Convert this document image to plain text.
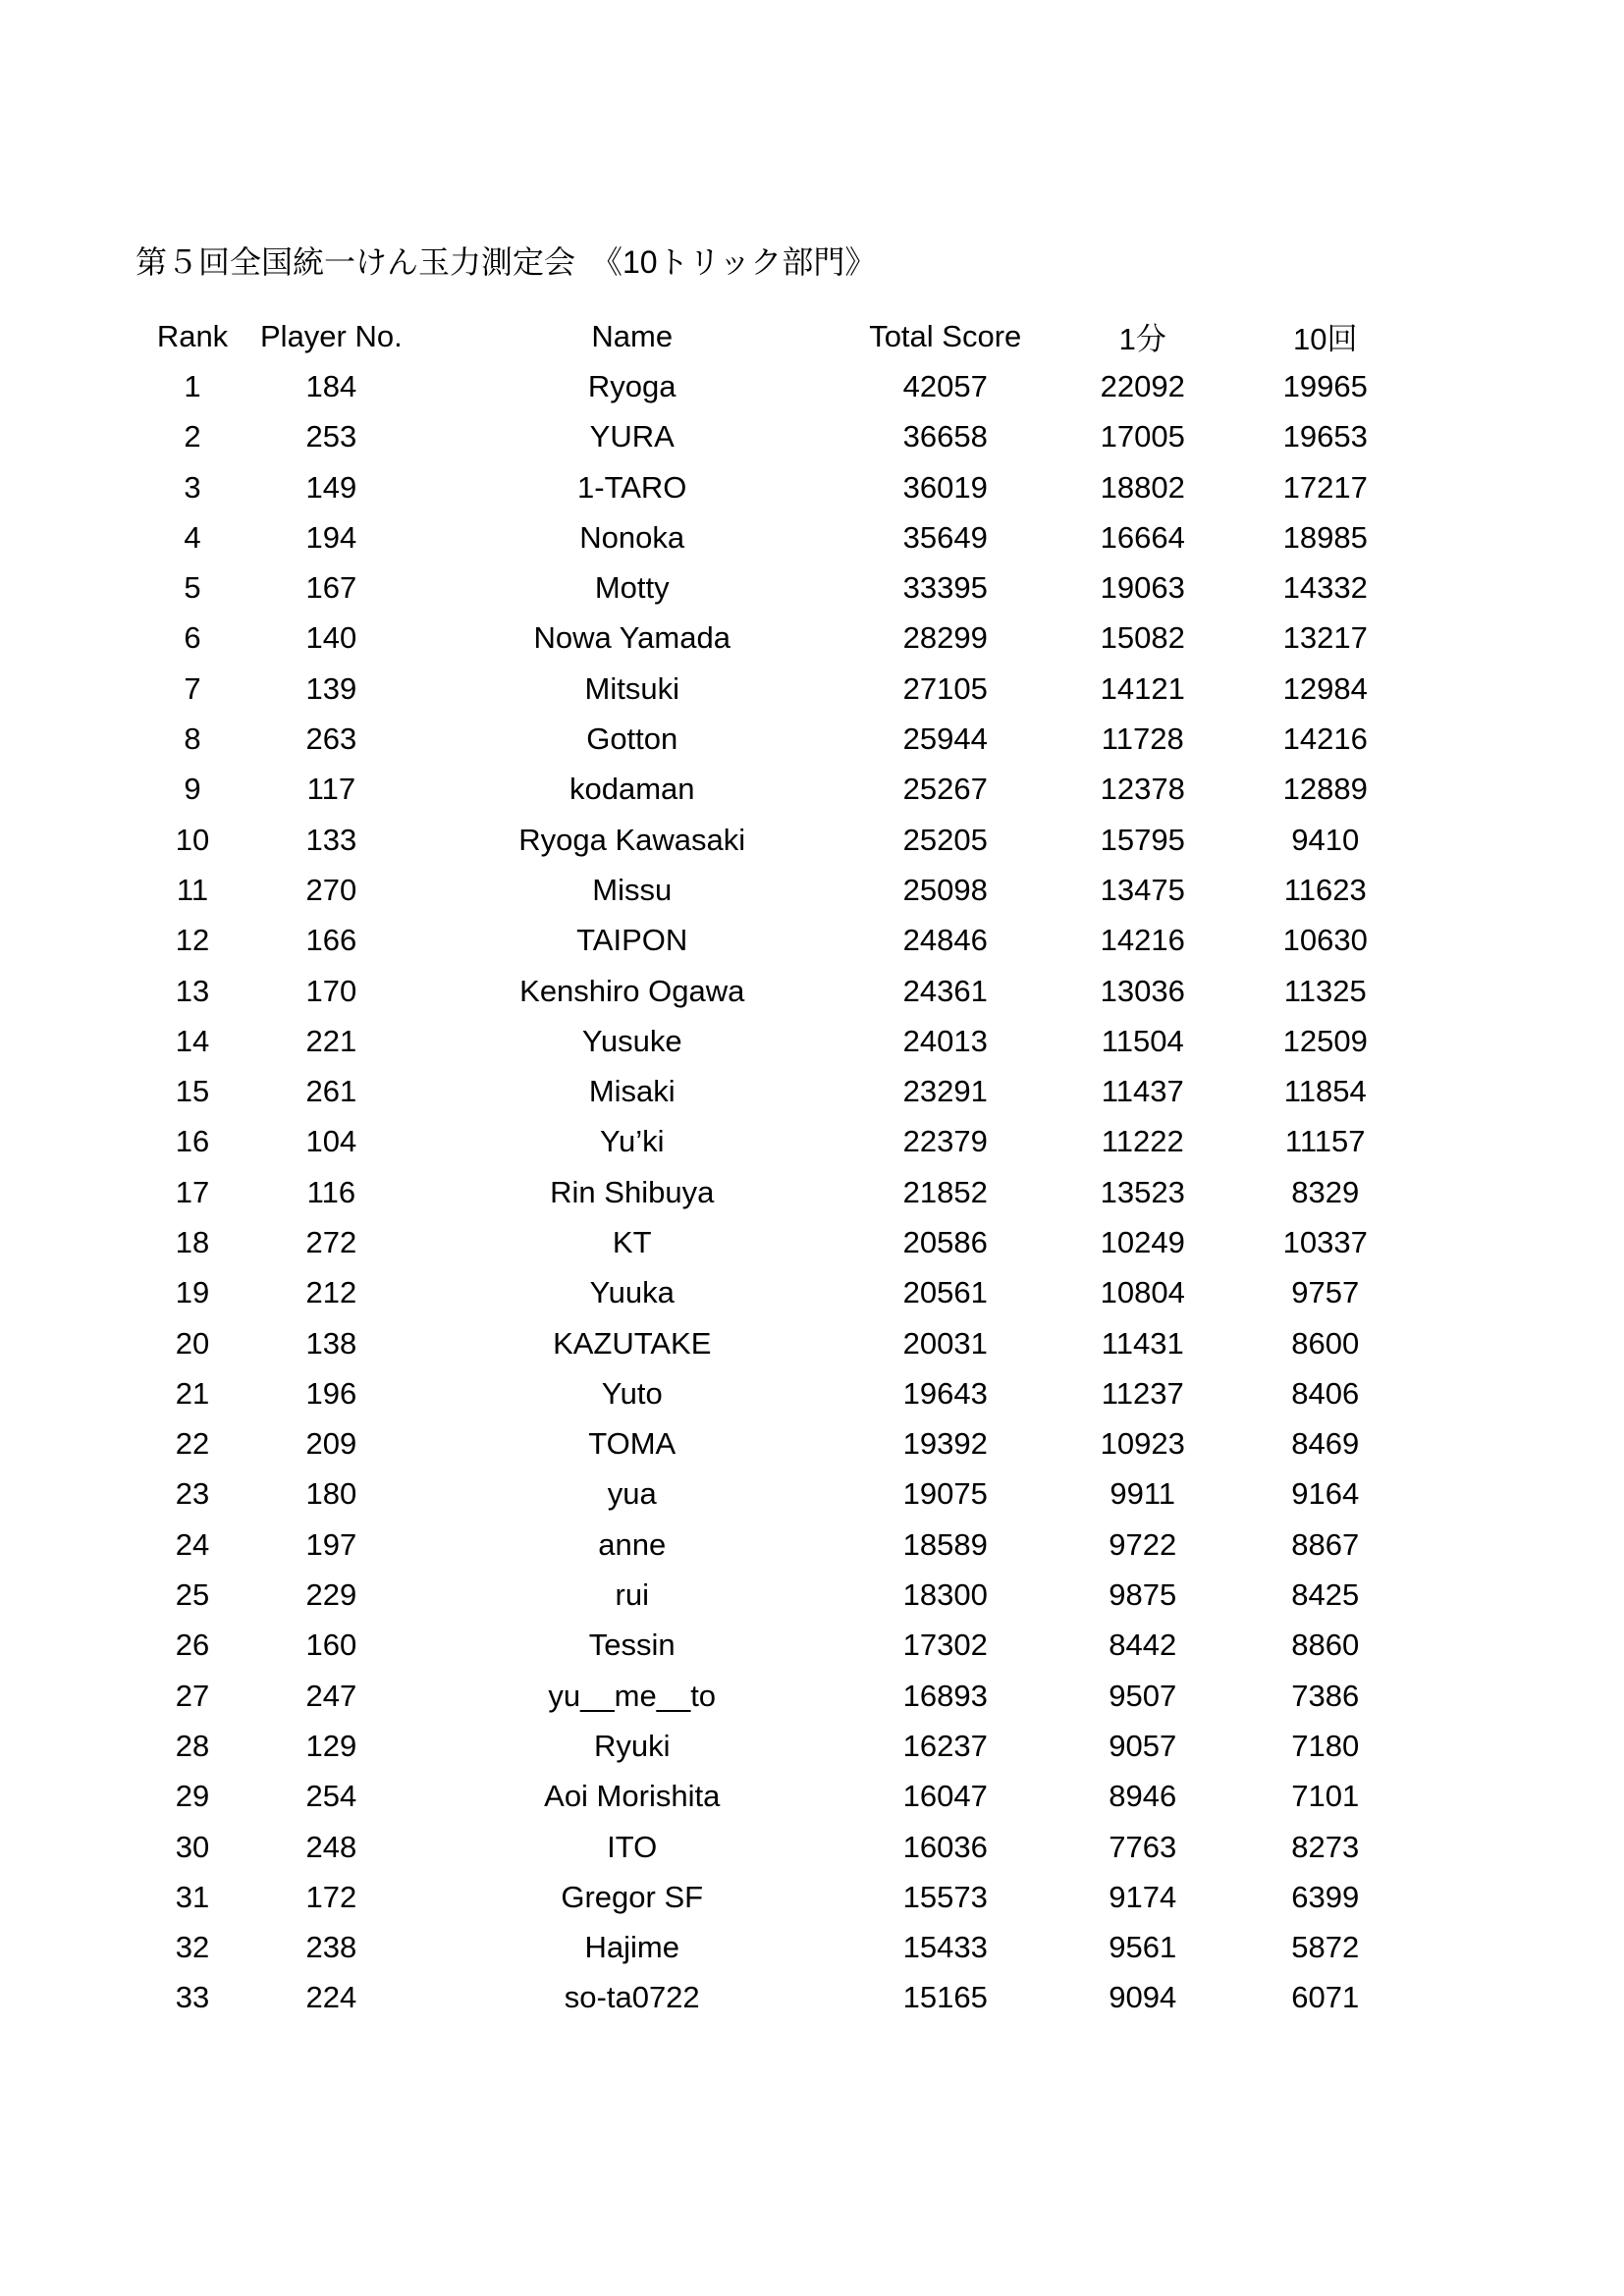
第５回全国統一けん玉力測定会　《10トリック部門》
Rank	Player No.	Name	Total Score	1分	10回
1	184	Ryoga	42057	22092	19965
2	253	YURA	36658	17005	19653
3	149	1-TARO	36019	18802	17217
4	194	Nonoka	35649	16664	18985
5	167	Motty	33395	19063	14332
6	140	Nowa Yamada	28299	15082	13217
7	139	Mitsuki	27105	14121	12984
8	263	Gotton	25944	11728	14216
9	117	kodaman	25267	12378	12889
10	133	Ryoga Kawasaki	25205	15795	9410
11	270	Missu	25098	13475	11623
12	166	TAIPON	24846	14216	10630
13	170	Kenshiro Ogawa	24361	13036	11325
14	221	Yusuke	24013	11504	12509
15	261	Misaki	23291	11437	11854
16	104	Yu’ki	22379	11222	11157
17	116	Rin Shibuya	21852	13523	8329
18	272	KT	20586	10249	10337
19	212	Yuuka	20561	10804	9757
20	138	KAZUTAKE	20031	11431	8600
21	196	Yuto	19643	11237	8406
22	209	TOMA	19392	10923	8469
23	180	yua	19075	9911	9164
24	197	anne	18589	9722	8867
25	229	rui	18300	9875	8425
26	160	Tessin	17302	8442	8860
27	247	yu__me__to	16893	9507	7386
28	129	Ryuki	16237	9057	7180
29	254	Aoi Morishita	16047	8946	7101
30	248	ITO	16036	7763	8273
31	172	Gregor SF	15573	9174	6399
32	238	Hajime	15433	9561	5872
33	224	so-ta0722	15165	9094	6071
